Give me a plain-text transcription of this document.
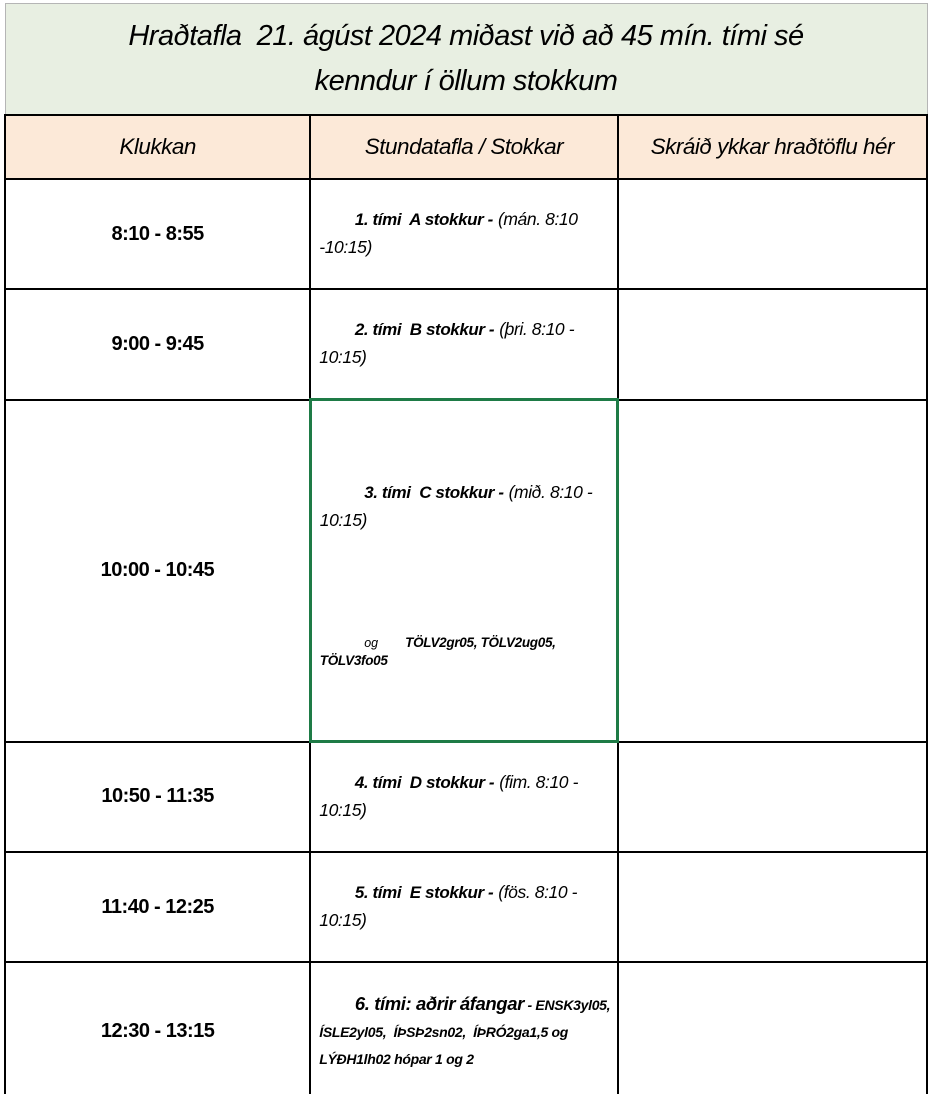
Hraðtafla  21. ágúst 2024 miðast við að 45 mín. tími sé
kenndur í öllum stokkum		

Klukkan	Stundatafla / Stokkar	Skráið ykkar hraðtöflu hér
8:10 - 8:55	1. tími  A stokkur - (mán. 8:10 -10:15)

9:00 - 9:45	2. tími  B stokkur - (þri. 8:10 - 10:15)

10:00 - 10:45	3. tími  C stokkur - (mið. 8:10 - 10:15)

og TÖLV2gr05, TÖLV2ug05, TÖLV3fo05	

10:50 - 11:35	4. tími  D stokkur - (fim. 8:10 - 10:15)

11:40 - 12:25	5. tími  E stokkur - (fös. 8:10 - 10:15)

12:30 - 13:15	6. tími: aðrir áfangar - ENSK3yl05, ÍSLE2yl05,  ÍÞSÞ2sn02,  ÍÞRÓ2ga1,5 og LÝÐH1lh02 hópar 1 og 2
